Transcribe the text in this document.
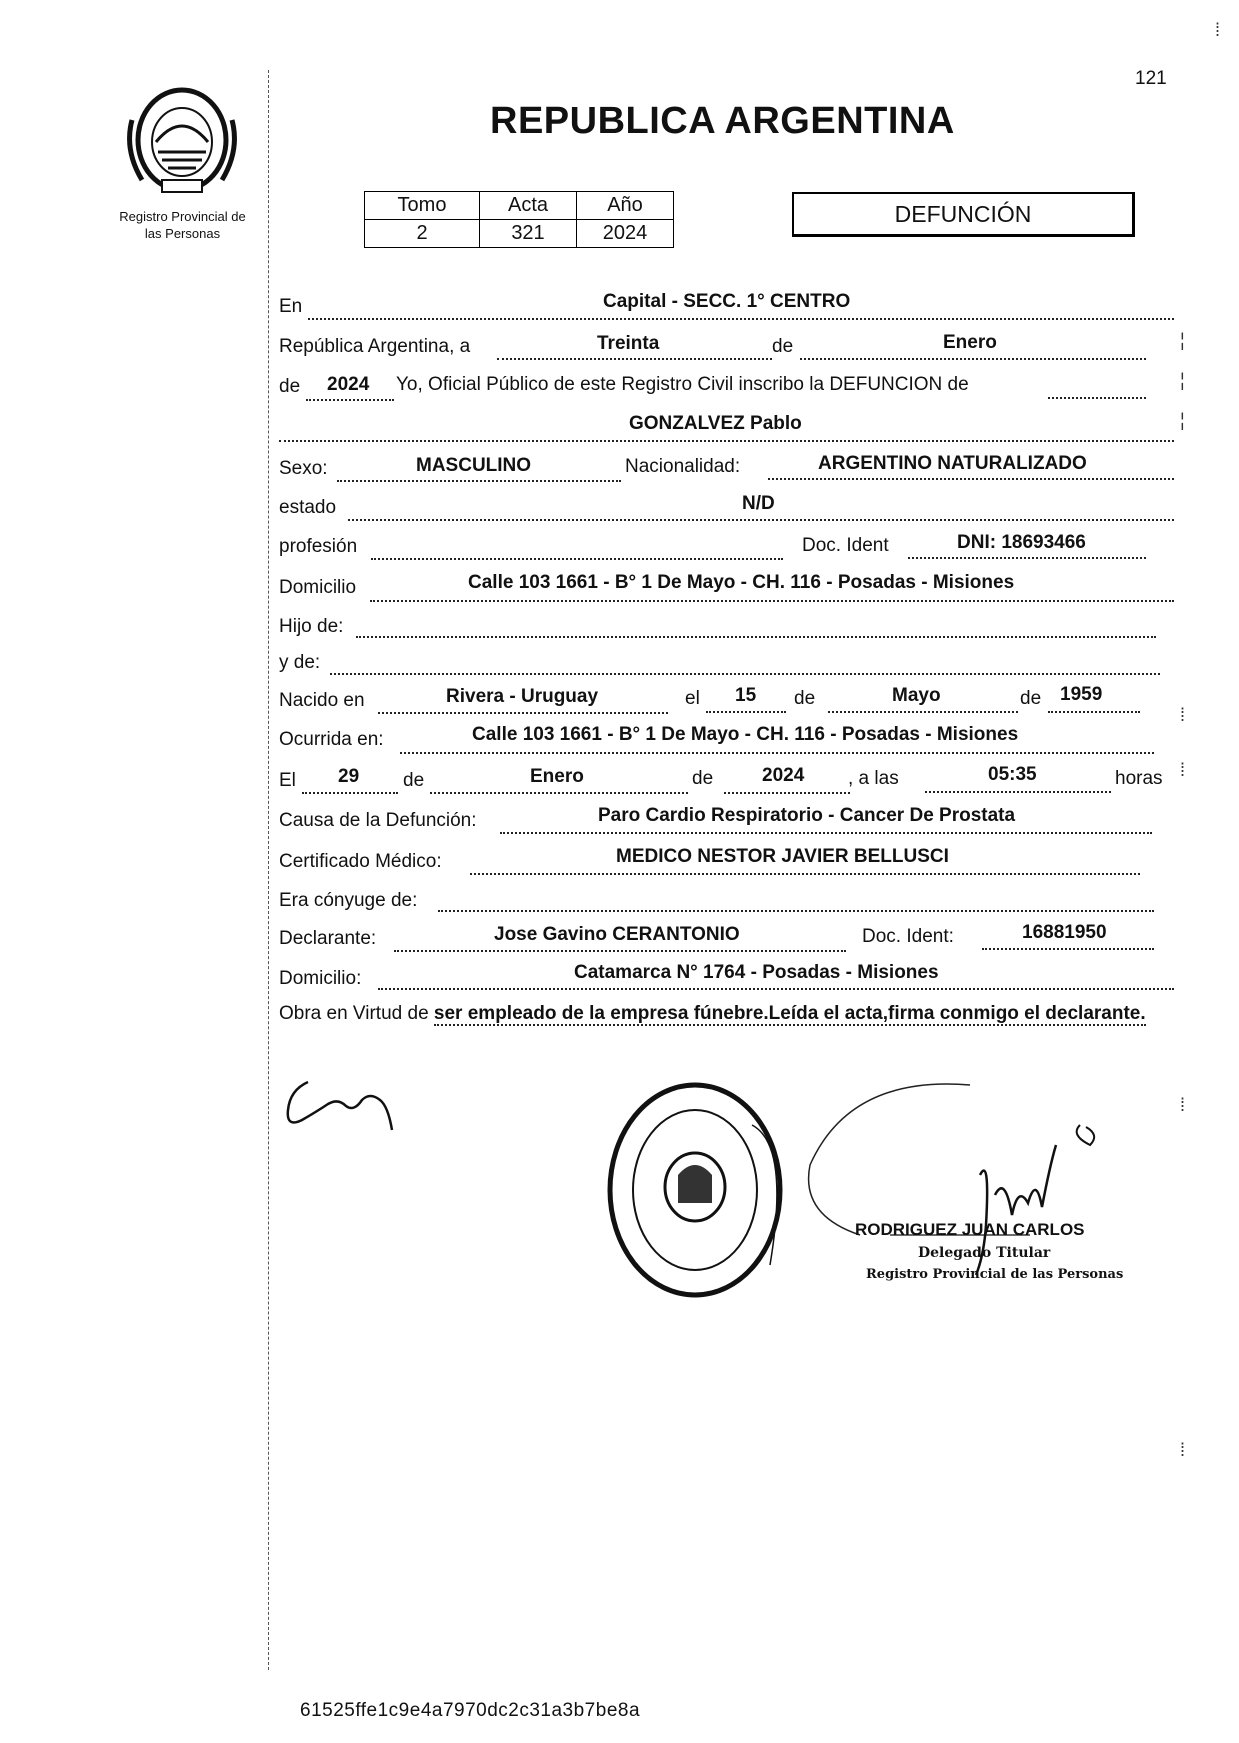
Registro Provincial de
las Personas
121
REPUBLICA ARGENTINA
Tomo	Acta	Año
2	321	2024
DEFUNCIÓN
En	Capital - SECC. 1° CENTRO
República Argentina, a	Treinta	de	Enero
de 2024 Yo, Oficial Público de este Registro Civil inscribo la DEFUNCION de
GONZALVEZ Pablo
Sexo:	MASCULINO	Nacionalidad:	ARGENTINO NATURALIZADO
estado	N/D
profesión	Doc. Ident	DNI: 18693466
Domicilio	Calle 103 1661 - B° 1 De Mayo - CH. 116 - Posadas - Misiones
Hijo de:
y de:
Nacido en	Rivera - Uruguay	el 15 de	Mayo	de 1959
Ocurrida en:	Calle 103 1661 - B° 1 De Mayo - CH. 116 - Posadas - Misiones
El 29 de	Enero	de	2024 , a las	05:35	horas
Causa de la Defunción:	Paro Cardio Respiratorio - Cancer De Prostata
Certificado Médico:	MEDICO NESTOR JAVIER BELLUSCI
Era cónyuge de:
Declarante:	Jose Gavino CERANTONIO	Doc. Ident:	16881950
Domicilio:	Catamarca N° 1764 - Posadas - Misiones
Obra en Virtud de ser empleado de la empresa fúnebre.Leída el acta,firma conmigo el declarante.
RODRIGUEZ JUAN CARLOS
Delegado Titular
Registro Provincial de las Personas
⁞
¦
¦
¦
⁞
⁞
⁞
⁞
61525ffe1c9e4a7970dc2c31a3b7be8a
